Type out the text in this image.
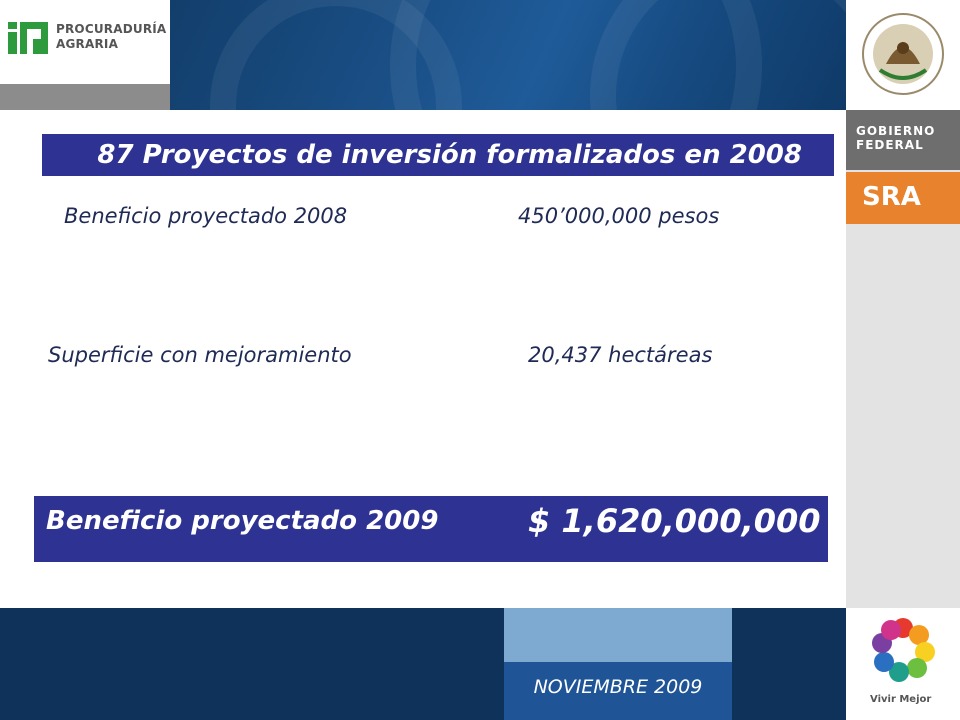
PROCURADURÍA
AGRARIA
GOBIERNO
FEDERAL
SRA
Vivir Mejor
87 Proyectos de inversión formalizados en 2008
Beneficio proyectado 2008	450’000,000 pesos
Superficie con mejoramiento	20,437 hectáreas
Beneficio proyectado 2009	$ 1,620,000,000
NOVIEMBRE 2009
